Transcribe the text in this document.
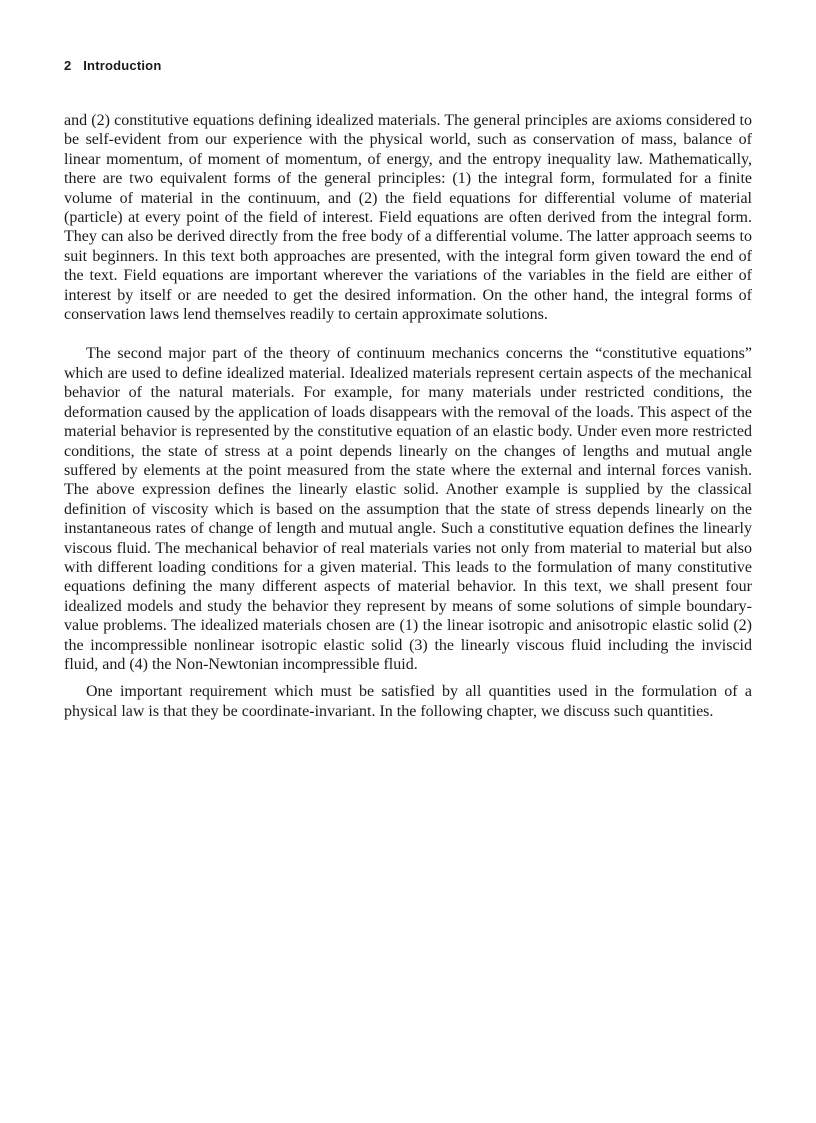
2 Introduction

and (2) constitutive equations defining idealized materials. The general principles are axioms considered to be self-evident from our experience with the physical world, such as conservation of mass, balance of linear momentum, of moment of momentum, of energy, and the entropy inequality law. Mathematically, there are two equivalent forms of the general principles: (1) the integral form, formulated for a finite volume of material in the continuum, and (2) the field equations for differential volume of material (particle) at every point of the field of interest. Field equations are often derived from the integral form. They can also be derived directly from the free body of a differential volume. The latter approach seems to suit beginners. In this text both approaches are presented, with the integral form given toward the end of the text. Field equations are important wherever the variations of the variables in the field are either of interest by itself or are needed to get the desired information. On the other hand, the integral forms of conservation laws lend themselves readily to certain approximate solutions.

The second major part of the theory of continuum mechanics concerns the “constitutive equations” which are used to define idealized material. Idealized materials represent certain aspects of the mechanical behavior of the natural materials. For example, for many materials under restricted conditions, the deformation caused by the application of loads disappears with the removal of the loads. This aspect of the material behavior is represented by the constitutive equation of an elastic body. Under even more restricted conditions, the state of stress at a point depends linearly on the changes of lengths and mutual angle suffered by elements at the point measured from the state where the external and internal forces vanish. The above expression defines the linearly elastic solid. Another example is supplied by the classical definition of viscosity which is based on the assumption that the state of stress depends linearly on the instantaneous rates of change of length and mutual angle. Such a constitutive equation defines the linearly viscous fluid. The mechanical behavior of real materials varies not only from material to material but also with different loading conditions for a given material. This leads to the formulation of many constitutive equations defining the many different aspects of material behavior. In this text, we shall present four idealized models and study the behavior they represent by means of some solutions of simple boundary-value problems. The idealized materials chosen are (1) the linear isotropic and anisotropic elastic solid (2) the incompressible nonlinear isotropic elastic solid (3) the linearly viscous fluid including the inviscid fluid, and (4) the Non-Newtonian incompressible fluid.

One important requirement which must be satisfied by all quantities used in the formulation of a physical law is that they be coordinate-invariant. In the following chapter, we discuss such quantities.
